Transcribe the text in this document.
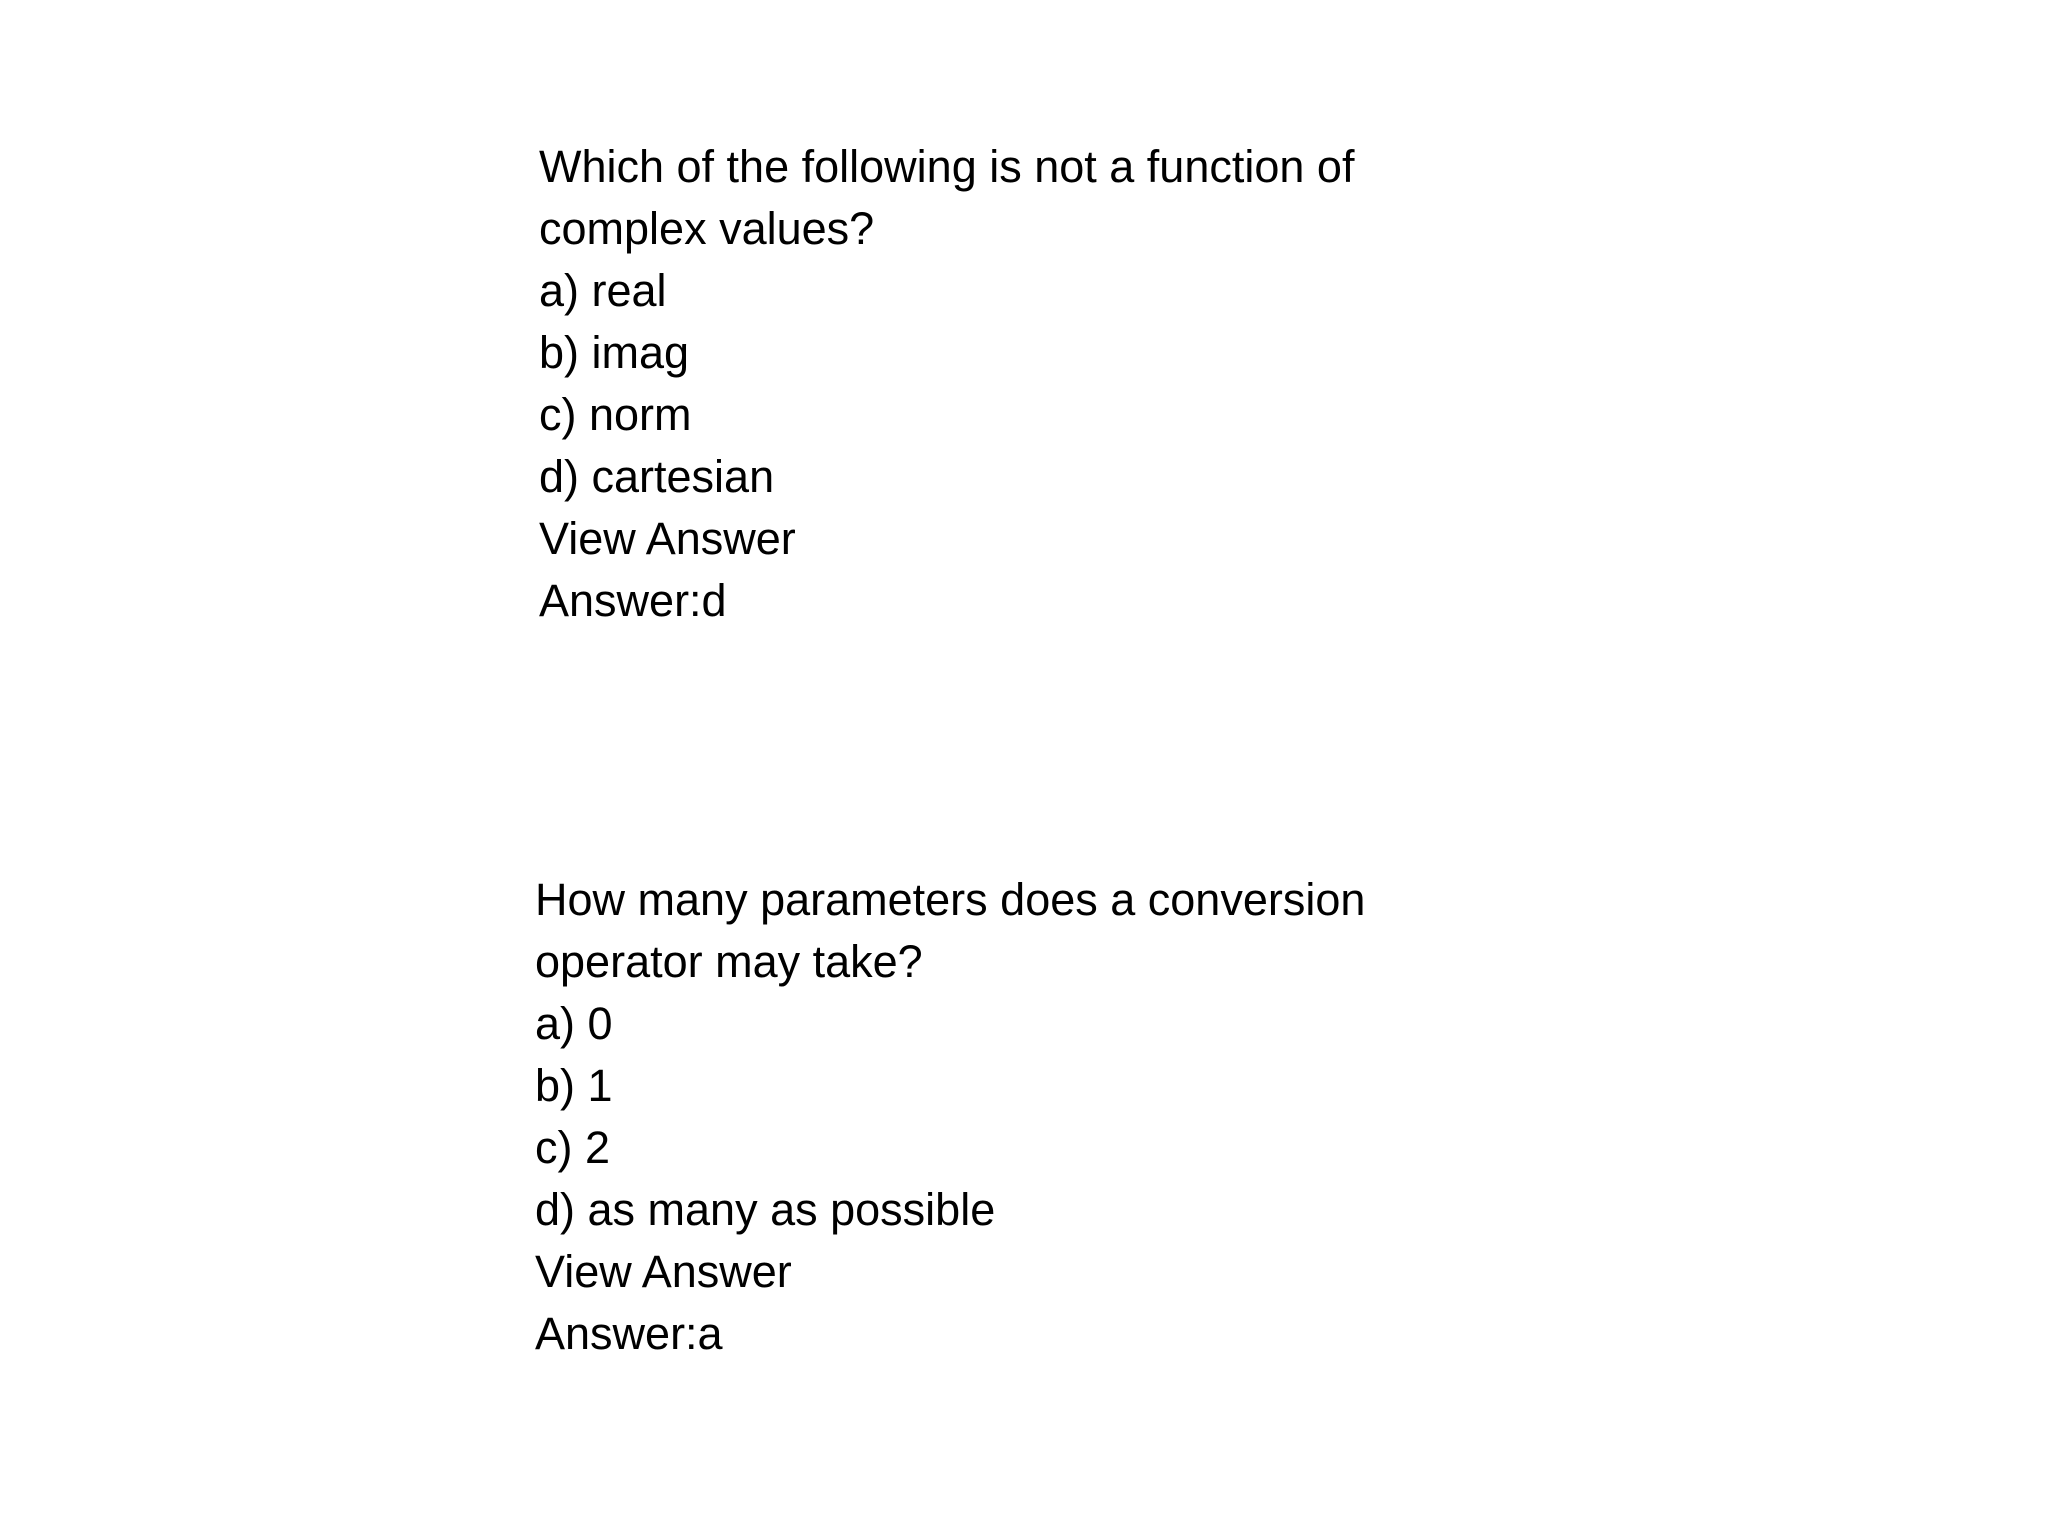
Which of the following is not a function of

complex values?

a) real

b) imag

c) norm

d) cartesian

View Answer

Answer:d

How many parameters does a conversion

operator may take?

a) 0

b) 1

c) 2

d) as many as possible

View Answer

Answer:a
